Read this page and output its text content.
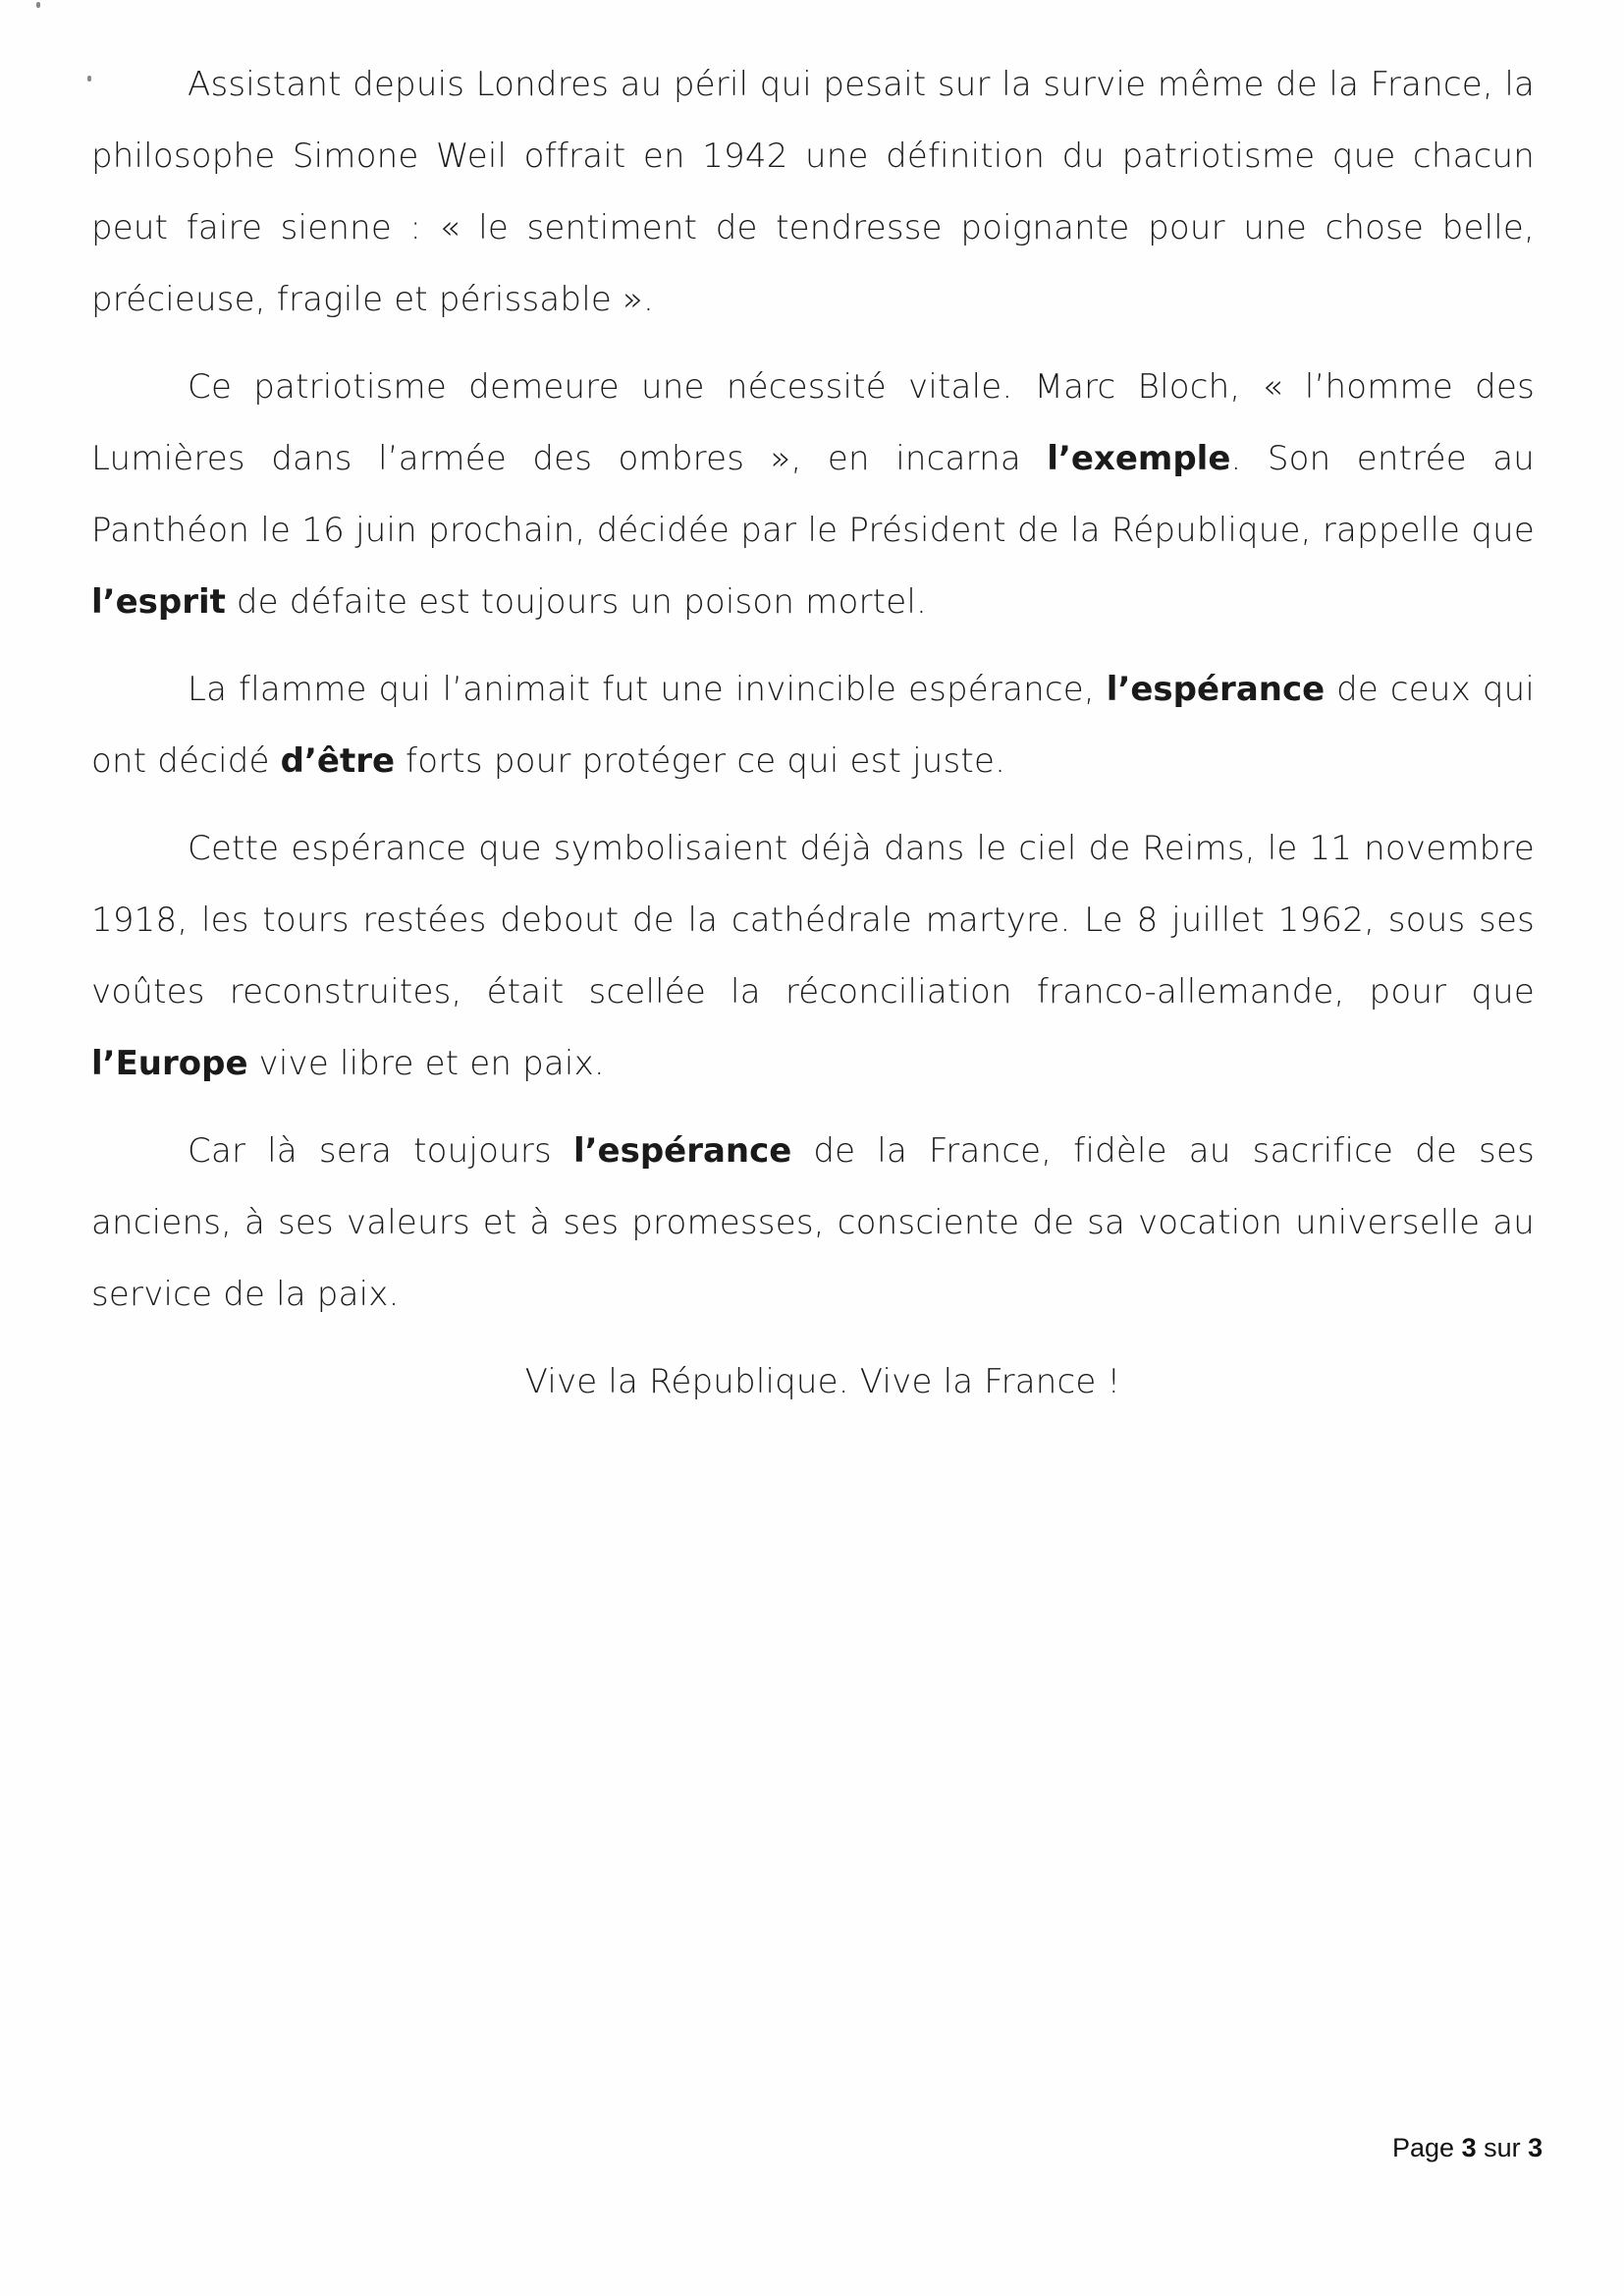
Assistant depuis Londres au péril qui pesait sur la survie même de la France, la philosophe Simone Weil offrait en 1942 une définition du patriotisme que chacun peut faire sienne : « le sentiment de tendresse poignante pour une chose belle, précieuse, fragile et périssable ».

Ce patriotisme demeure une nécessité vitale. Marc Bloch, « l’homme des Lumières dans l’armée des ombres », en incarna l’exemple. Son entrée au Panthéon le 16 juin prochain, décidée par le Président de la République, rappelle que l’esprit de défaite est toujours un poison mortel.

La flamme qui l’animait fut une invincible espérance, l’espérance de ceux qui ont décidé d’être forts pour protéger ce qui est juste.

Cette espérance que symbolisaient déjà dans le ciel de Reims, le 11 novembre 1918, les tours restées debout de la cathédrale martyre. Le 8 juillet 1962, sous ses voûtes reconstruites, était scellée la réconciliation franco-allemande, pour que l’Europe vive libre et en paix.

Car là sera toujours l’espérance de la France, fidèle au sacrifice de ses anciens, à ses valeurs et à ses promesses, consciente de sa vocation universelle au service de la paix.

Vive la République. Vive la France !

Page 3 sur 3
